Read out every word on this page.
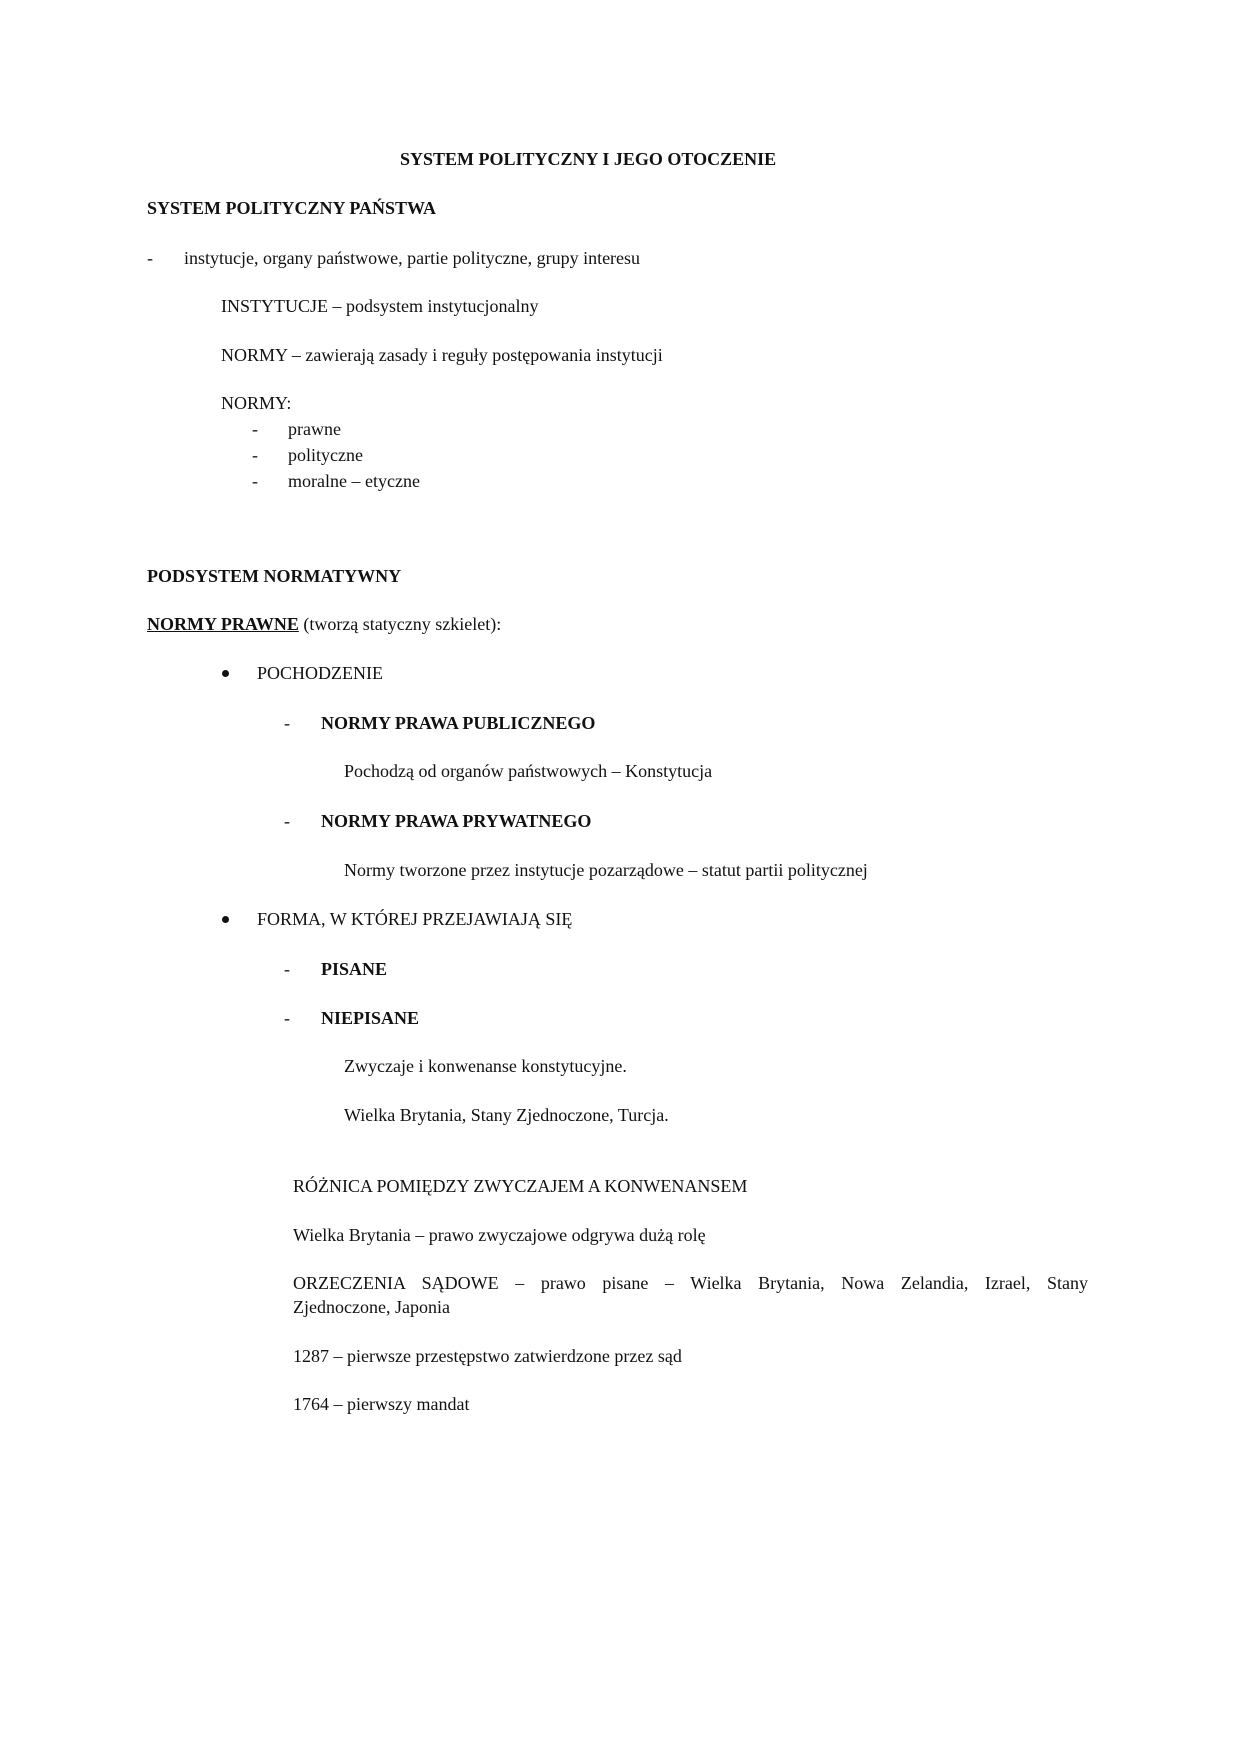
SYSTEM POLITYCZNY I JEGO OTOCZENIE
SYSTEM POLITYCZNY PAŃSTWA
- instytucje, organy państwowe, partie polityczne, grupy interesu
INSTYTUCJE – podsystem instytucjonalny
NORMY – zawierają zasady i reguły postępowania instytucji
NORMY:
- prawne
- polityczne
- moralne – etyczne
PODSYSTEM NORMATYWNY
NORMY PRAWNE (tworzą statyczny szkielet):
POCHODZENIE
- NORMY PRAWA PUBLICZNEGO
Pochodzą od organów państwowych – Konstytucja
- NORMY PRAWA PRYWATNEGO
Normy tworzone przez instytucje pozarządowe – statut partii politycznej
FORMA, W KTÓREJ PRZEJAWIAJĄ SIĘ
- PISANE
- NIEPISANE
Zwyczaje i konwenanse konstytucyjne.
Wielka Brytania, Stany Zjednoczone, Turcja.
RÓŻNICA POMIĘDZY ZWYCZAJEM A KONWENANSEM
Wielka Brytania – prawo zwyczajowe odgrywa dużą rolę
ORZECZENIA SĄDOWE – prawo pisane – Wielka Brytania, Nowa Zelandia, Izrael, Stany
Zjednoczone, Japonia
1287 – pierwsze przestępstwo zatwierdzone przez sąd
1764 – pierwszy mandat
